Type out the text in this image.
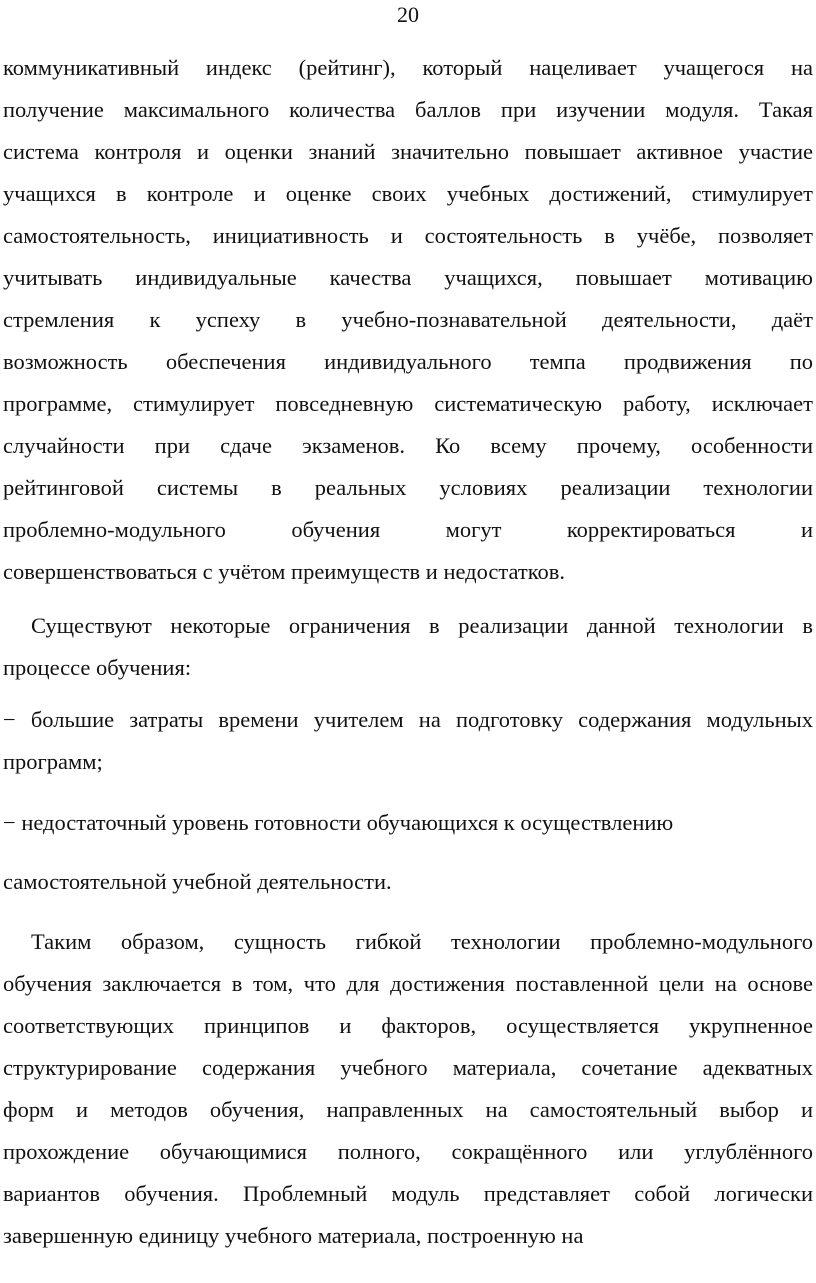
20
коммуникативный индекс (рейтинг), который нацеливает учащегося на
получение максимального количества баллов при изучении модуля. Такая
система контроля и оценки знаний значительно повышает активное участие
учащихся в контроле и оценке своих учебных достижений, стимулирует
самостоятельность, инициативность и состоятельность в учёбе, позволяет
учитывать индивидуальные качества учащихся, повышает мотивацию
стремления к успеху в учебно-познавательной деятельности, даёт
возможность обеспечения индивидуального темпа продвижения по
программе, стимулирует повседневную систематическую работу, исключает
случайности при сдаче экзаменов. Ко всему прочему, особенности
рейтинговой системы в реальных условиях реализации технологии
проблемно-модульного обучения могут корректироваться и
совершенствоваться с учётом преимуществ и недостатков.
Существуют некоторые ограничения в реализации данной технологии в
процессе обучения:
− большие затраты времени учителем на подготовку содержания модульных
программ;
− недостаточный уровень готовности обучающихся к осуществлению
самостоятельной учебной деятельности.
Таким образом, сущность гибкой технологии проблемно-модульного
обучения заключается в том, что для достижения поставленной цели на основе
соответствующих принципов и факторов, осуществляется укрупненное
структурирование содержания учебного материала, сочетание адекватных
форм и методов обучения, направленных на самостоятельный выбор и
прохождение обучающимися полного, сокращённого или углублённого
вариантов обучения. Проблемный модуль представляет собой логически
завершенную единицу учебного материала, построенную на
